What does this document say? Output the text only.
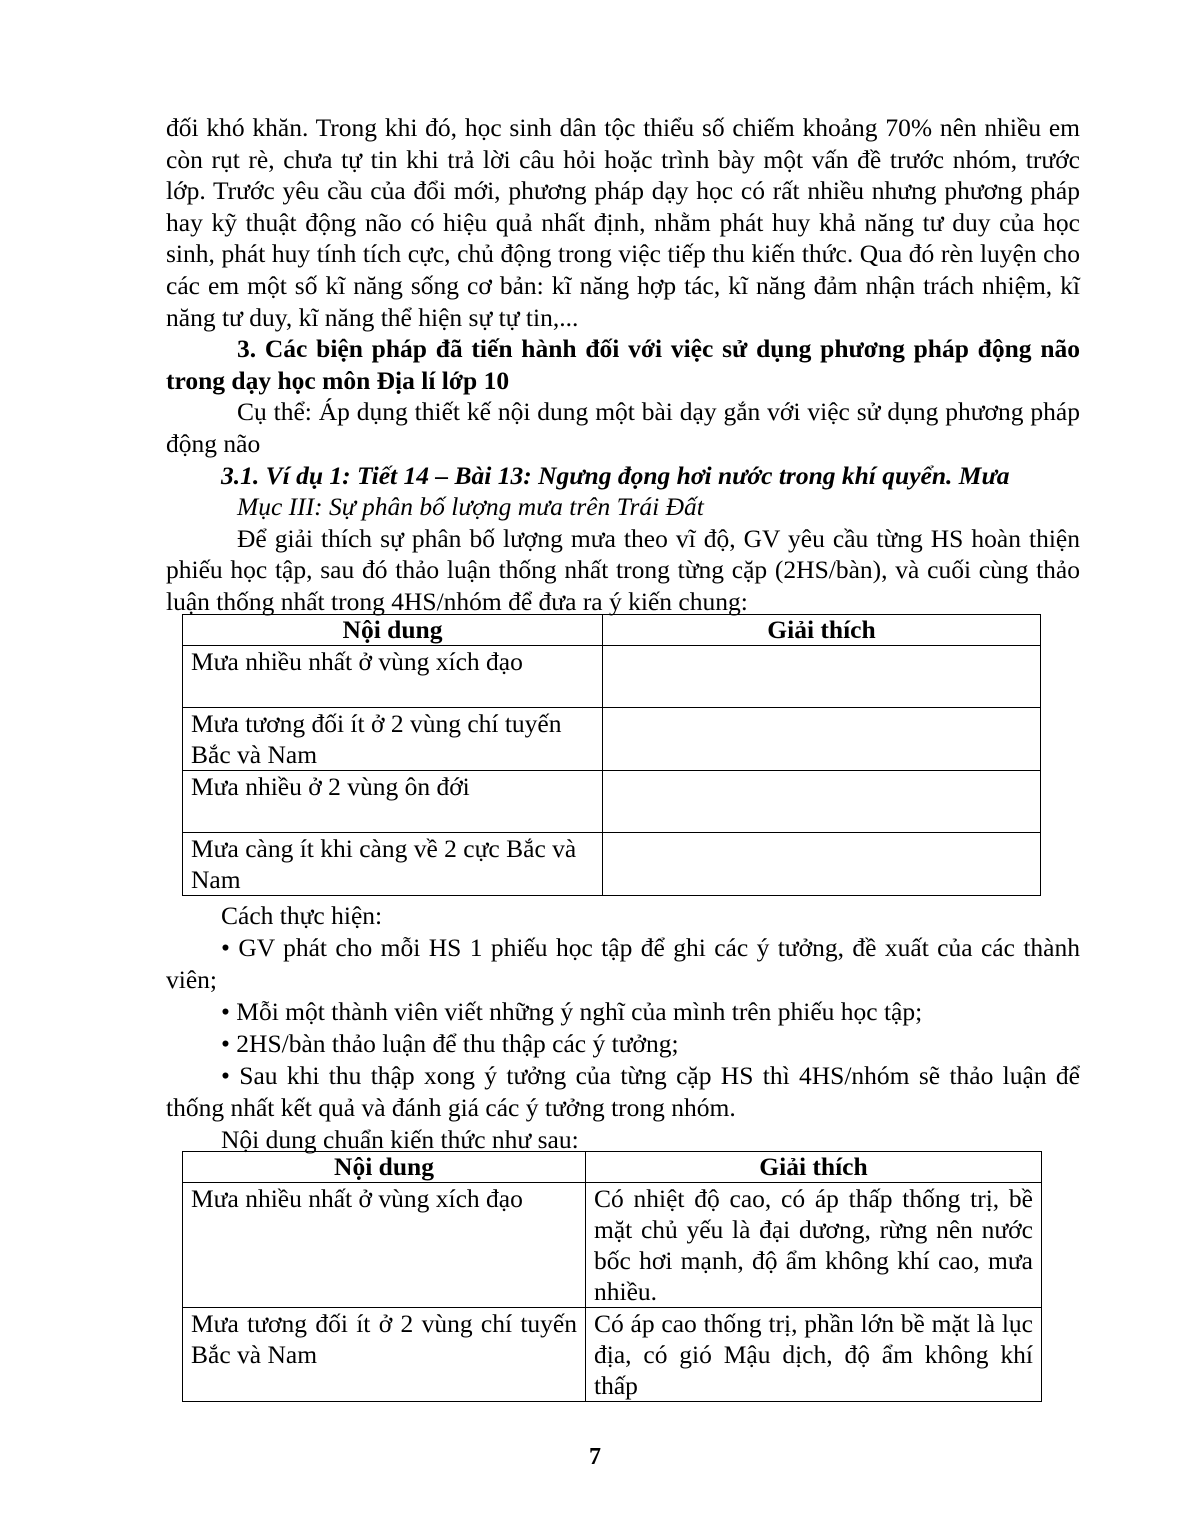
đối khó khăn. Trong khi đó, học sinh dân tộc thiểu số chiếm khoảng 70% nên nhiều em còn rụt rè, chưa tự tin khi trả lời câu hỏi hoặc trình bày một vấn đề trước nhóm, trước lớp. Trước yêu cầu của đổi mới, phương pháp dạy học có rất nhiều nhưng phương pháp hay kỹ thuật động não có hiệu quả nhất định, nhằm phát huy khả năng tư duy của học sinh, phát huy tính tích cực, chủ động trong việc tiếp thu kiến thức. Qua đó rèn luyện cho các em một số kĩ năng sống cơ bản: kĩ năng hợp tác, kĩ năng đảm nhận trách nhiệm, kĩ năng tư duy, kĩ năng thể hiện sự tự tin,...

3. Các biện pháp đã tiến hành đối với việc sử dụng phương pháp động não trong dạy học môn Địa lí lớp 10

Cụ thể: Áp dụng thiết kế nội dung một bài dạy gắn với việc sử dụng phương pháp động não

3.1. Ví dụ 1: Tiết 14 – Bài 13: Ngưng đọng hơi nước trong khí quyển. Mưa

Mục III: Sự phân bố lượng mưa trên Trái Đất

Để giải thích sự phân bố lượng mưa theo vĩ độ, GV yêu cầu từng HS hoàn thiện phiếu học tập, sau đó thảo luận thống nhất trong từng cặp (2HS/bàn), và cuối cùng thảo luận thống nhất trong 4HS/nhóm để đưa ra ý kiến chung:

Nội dung	Giải thích
Mưa nhiều nhất ở vùng xích đạo	
Mưa tương đối ít ở 2 vùng chí tuyến Bắc và Nam	
Mưa nhiều ở 2 vùng ôn đới	
Mưa càng ít khi càng về 2 cực Bắc và Nam	

Cách thực hiện:

• GV phát cho mỗi HS 1 phiếu học tập để ghi các ý tưởng, đề xuất của các thành viên;

• Mỗi một thành viên viết những ý nghĩ của mình trên phiếu học tập;

• 2HS/bàn thảo luận để thu thập các ý tưởng;

• Sau khi thu thập xong ý tưởng của từng cặp HS thì 4HS/nhóm sẽ thảo luận để thống nhất kết quả và đánh giá các ý tưởng trong nhóm.

Nội dung chuẩn kiến thức như sau:

Nội dung	Giải thích
Mưa nhiều nhất ở vùng xích đạo	Có nhiệt độ cao, có áp thấp thống trị, bề mặt chủ yếu là đại dương, rừng nên nước bốc hơi mạnh, độ ẩm không khí cao, mưa nhiều.
Mưa tương đối ít ở 2 vùng chí tuyến Bắc và Nam	Có áp cao thống trị, phần lớn bề mặt là lục địa, có gió Mậu dịch, độ ẩm không khí thấp
7
